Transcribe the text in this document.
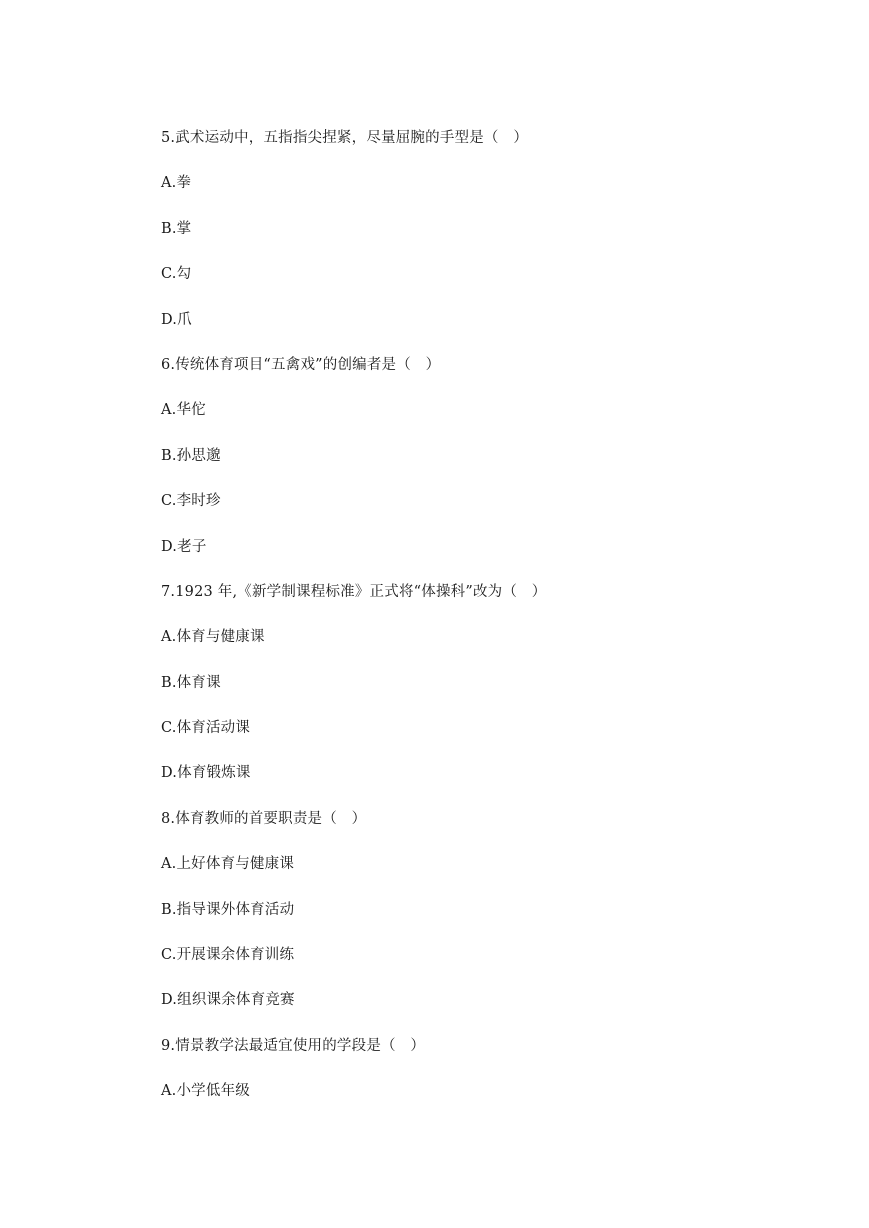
5.武术运动中，五指指尖捏紧，尽量屈腕的手型是（　）
A.拳
B.掌
C.勾
D.爪
6.传统体育项目“五禽戏”的创编者是（　）
A.华佗
B.孙思邈
C.李时珍
D.老子
7.1923 年,《新学制课程标准》正式将“体操科”改为（　）
A.体育与健康课
B.体育课
C.体育活动课
D.体育锻炼课
8.体育教师的首要职责是（　）
A.上好体育与健康课
B.指导课外体育活动
C.开展课余体育训练
D.组织课余体育竞赛
9.情景教学法最适宜使用的学段是（　）
A.小学低年级
